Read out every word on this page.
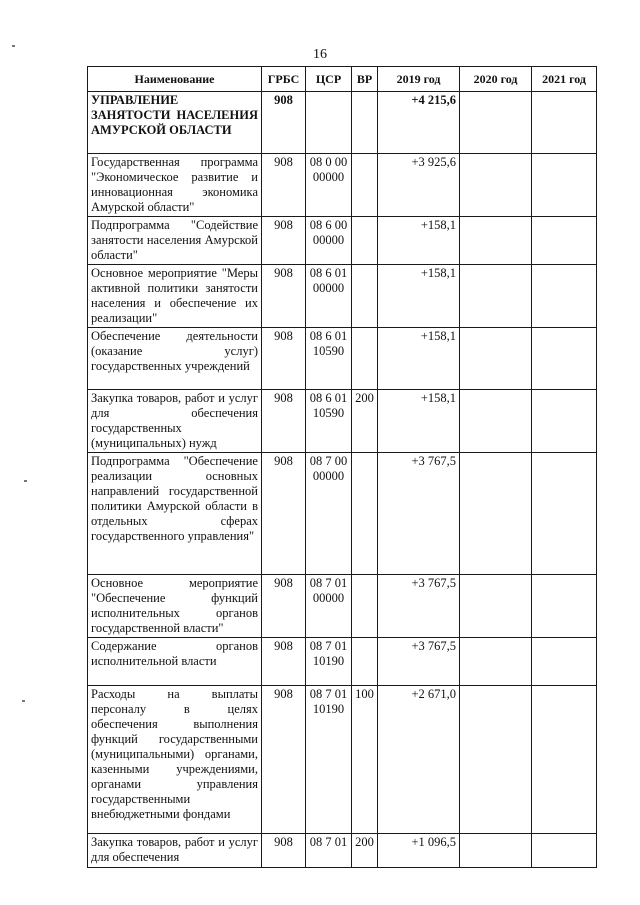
16
Наименование	ГРБС	ЦСР	ВР	2019 год	2020 год	2021 год
УПРАВЛЕНИЕ ЗАНЯТОСТИ НАСЕЛЕНИЯ АМУРСКОЙ ОБЛАСТИ	908			+4 215,6		
Государственная программа "Экономическое развитие и инновационная экономика Амурской области"	908	08 0 00 00000		+3 925,6		
Подпрограмма "Содействие занятости населения Амурской области"	908	08 6 00 00000		+158,1		
Основное мероприятие "Меры активной политики занятости населения и обеспечение их реализации"	908	08 6 01 00000		+158,1		
Обеспечение деятельности (оказание услуг) государственных учреждений	908	08 6 01 10590		+158,1		
Закупка товаров, работ и услуг для обеспечения государственных (муниципальных) нужд	908	08 6 01 10590	200	+158,1		
Подпрограмма "Обеспечение реализации основных направлений государственной политики Амурской области в отдельных сферах государственного управления"	908	08 7 00 00000		+3 767,5		
Основное мероприятие "Обеспечение функций исполнительных органов государственной власти"	908	08 7 01 00000		+3 767,5		
Содержание органов исполнительной власти	908	08 7 01 10190		+3 767,5		
Расходы на выплаты персоналу в целях обеспечения выполнения функций государственными (муниципальными) органами, казенными учреждениями, органами управления государственными внебюджетными фондами	908	08 7 01 10190	100	+2 671,0		
Закупка товаров, работ и услуг для обеспечения	908	08 7 01	200	+1 096,5		
